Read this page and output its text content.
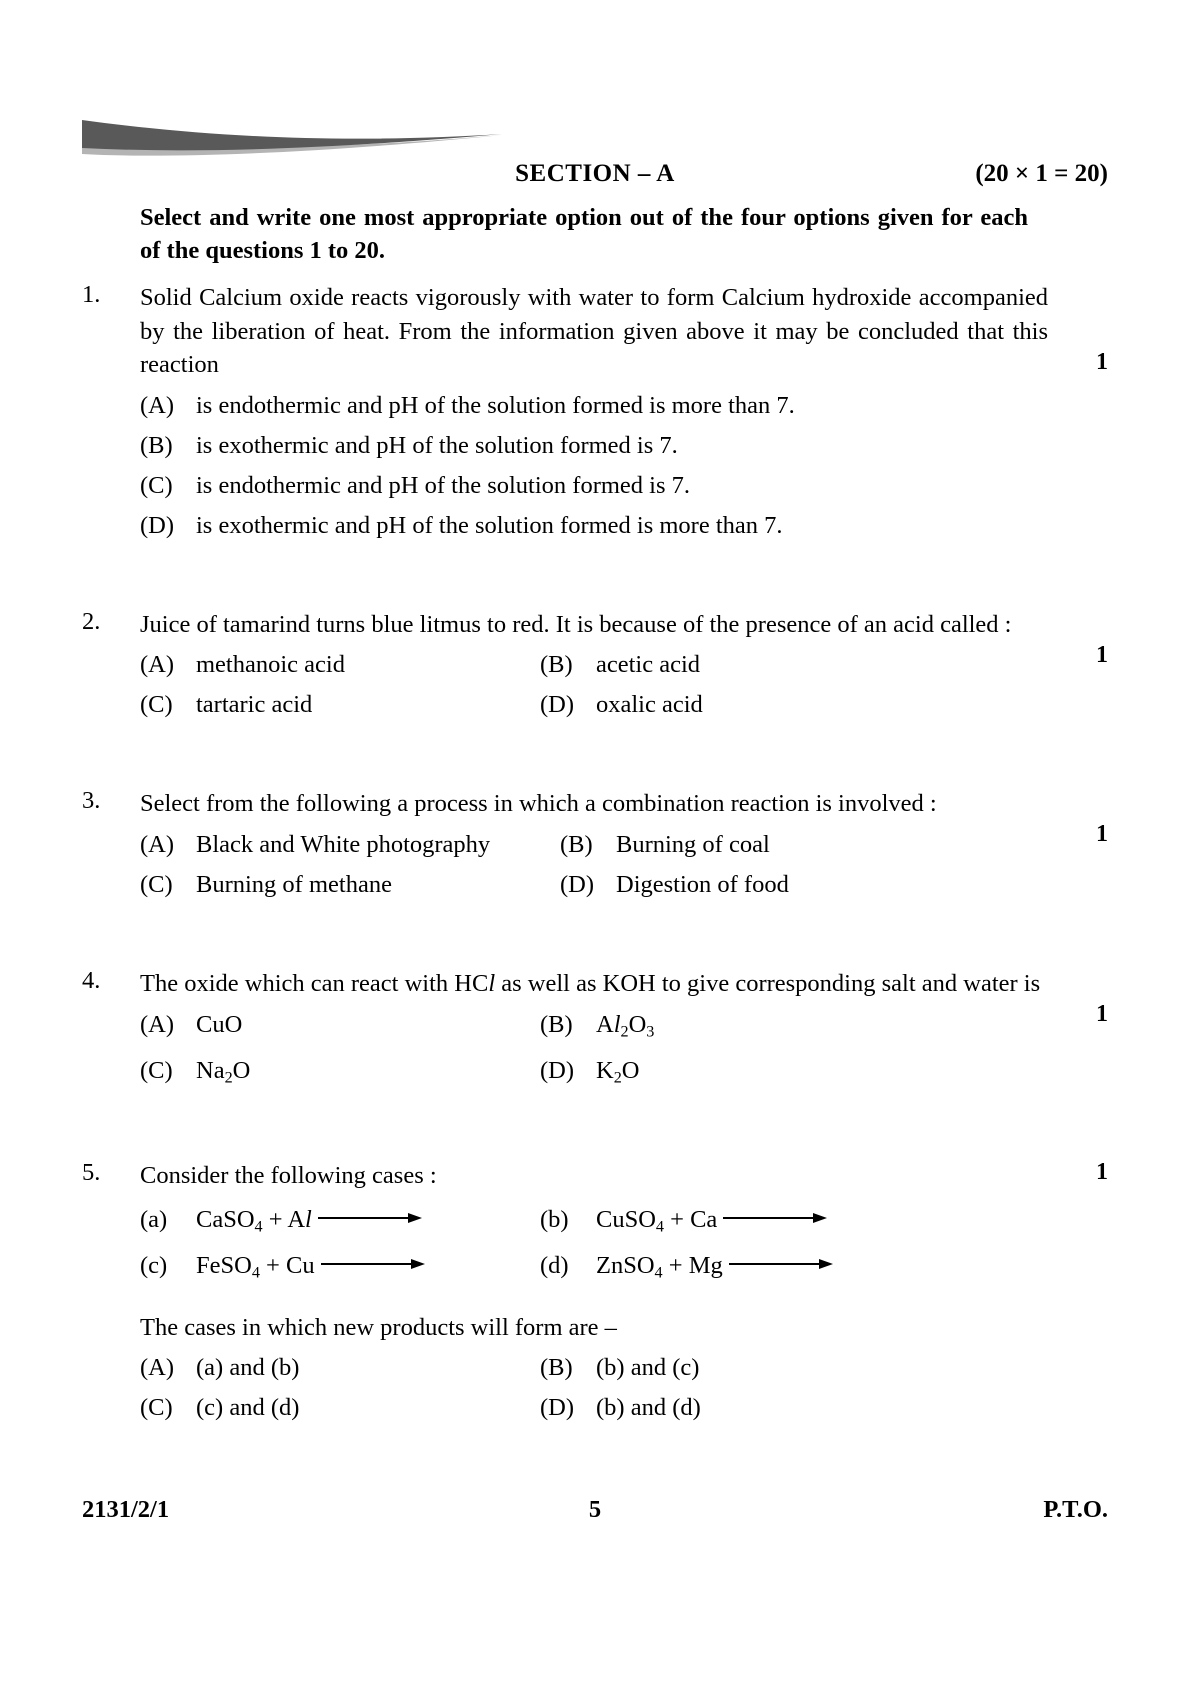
SECTION – A	(20 × 1 = 20)
Select and write one most appropriate option out of the four options given for each of the questions 1 to 20.
1.
1
Solid Calcium oxide reacts vigorously with water to form Calcium hydroxide accompanied by the liberation of heat. From the information given above it may be concluded that this reaction
(A) is endothermic and pH of the solution formed is more than 7.
(B) is exothermic and pH of the solution formed is 7.
(C) is endothermic and pH of the solution formed is 7.
(D) is exothermic and pH of the solution formed is more than 7.
2.
1
Juice of tamarind turns blue litmus to red. It is because of the presence of an acid called :
(A) methanoic acid	(B) acetic acid
(C) tartaric acid	(D) oxalic acid
3.
1
Select from the following a process in which a combination reaction is involved :
(A) Black and White photography	(B) Burning of coal
(C) Burning of methane	(D) Digestion of food
4.
1
The oxide which can react with HCl as well as KOH to give corresponding salt and water is
(A) CuO	(B) $Al_2O_3$
(C) $Na_2O$	(D) $K_2O$
5.	1
Consider the following cases :
(a) CaSO$_4$ + Al	(b) CuSO$_4$ + Ca
(c) FeSO$_4$ + Cu	(d) ZnSO$_4$ + Mg
The cases in which new products will form are –
(A) (a) and (b)	(B) (b) and (c)
(C) (c) and (d)	(D) (b) and (d)
2131/2/1	5	P.T.O.
